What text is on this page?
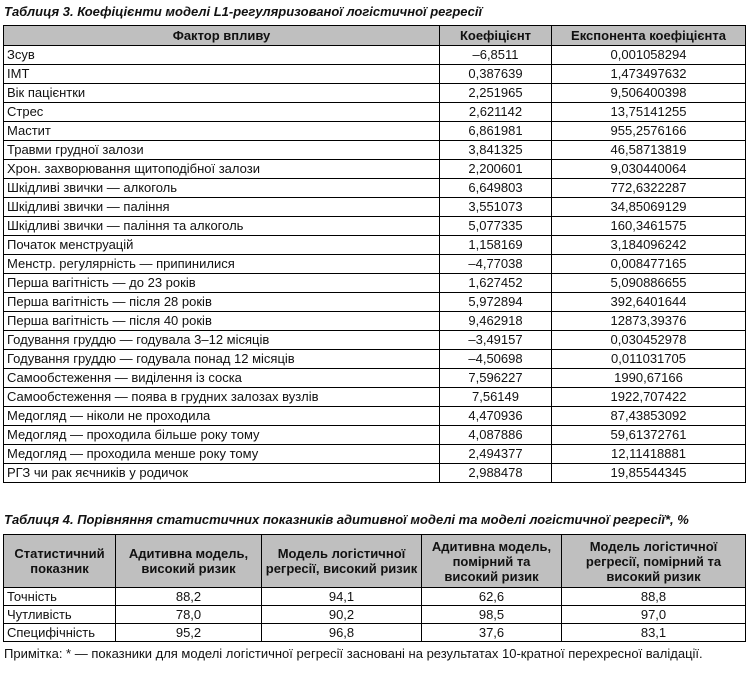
Таблиця 3. Коефіцієнти моделі L1-регуляризованої логістичної регресії
Фактор впливу	Коефіцієнт	Експонента коефіцієнта
Зсув	–6,8511	0,001058294
ІМТ	0,387639	1,473497632
Вік пацієнтки	2,251965	9,506400398
Стрес	2,621142	13,75141255
Мастит	6,861981	955,2576166
Травми грудної залози	3,841325	46,58713819
Хрон. захворювання щитоподібної залози	2,200601	9,030440064
Шкідливі звички — алкоголь	6,649803	772,6322287
Шкідливі звички — паління	3,551073	34,85069129
Шкідливі звички — паління та алкоголь	5,077335	160,3461575
Початок менструацій	1,158169	3,184096242
Менстр. регулярність — припинилися	–4,77038	0,008477165
Перша вагітність — до 23 років	1,627452	5,090886655
Перша вагітність — після 28 років	5,972894	392,6401644
Перша вагітність — після 40 років	9,462918	12873,39376
Годування груддю — годувала 3–12 місяців	–3,49157	0,030452978
Годування груддю — годувала понад 12 місяців	–4,50698	0,011031705
Самообстеження — виділення із соска	7,596227	1990,67166
Самообстеження — поява в грудних залозах вузлів	7,56149	1922,707422
Медогляд — ніколи не проходила	4,470936	87,43853092
Медогляд — проходила більше року тому	4,087886	59,61372761
Медогляд — проходила менше року тому	2,494377	12,11418881
РГЗ чи рак яєчників у родичок	2,988478	19,85544345
Таблиця 4. Порівняння статистичних показників адитивної моделі та моделі логістичної регресії*, %
Статистичний показник	Адитивна модель, високий ризик	Модель логістичної регресії, високий ризик	Адитивна модель, помірний та високий ризик	Модель логістичної регресії, помірний та високий ризик
Точність	88,2	94,1	62,6	88,8
Чутливість	78,0	90,2	98,5	97,0
Специфічність	95,2	96,8	37,6	83,1
Примітка: * — показники для моделі логістичної регресії засновані на результатах 10-кратної перехресної валідації.
